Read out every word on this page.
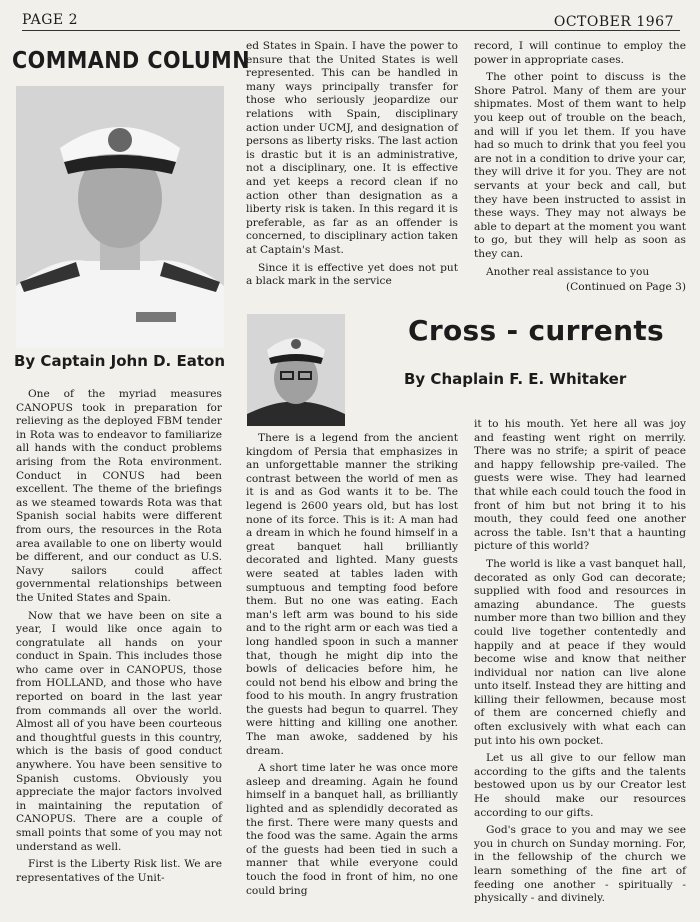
PAGE 2	OCTOBER 1967
COMMAND COLUMN
By Captain John D. Eaton

One of the myriad measures CANOPUS took in preparation for relieving as the deployed FBM tender in Rota was to endeavor to familiarize all hands with the conduct problems arising from the Rota environment. Conduct in CONUS had been excellent. The theme of the briefings as we steamed towards Rota was that Spanish social habits were different from ours, the resources in the Rota area available to one on liberty would be different, and our conduct as U.S. Navy sailors could affect governmental relationships between the United States and Spain.

Now that we have been on site a year, I would like once again to congratulate all hands on your conduct in Spain. This includes those who came over in CANOPUS, those from HOLLAND, and those who have reported on board in the last year from commands all over the world. Almost all of you have been courteous and thoughtful guests in this country, which is the basis of good conduct anywhere. You have been sensitive to Spanish customs. Obviously you appreciate the major factors involved in maintaining the reputation of CANOPUS. There are a couple of small points that some of you may not understand as well.

First is the Liberty Risk list. We are representatives of the Unit-

ed States in Spain. I have the power to ensure that the United States is well represented. This can be handled in many ways principally transfer for those who seriously jeopardize our relations with Spain, disciplinary action under UCMJ, and designation of persons as liberty risks. The last action is drastic but it is an administrative, not a disciplinary, one. It is effective and yet keeps a record clean if no action other than designation as a liberty risk is taken. In this regard it is preferable, as far as an offender is concerned, to disciplinary action taken at Captain's Mast.

Since it is effective yet does not put a black mark in the service

record, I will continue to employ the power in appropriate cases.

The other point to discuss is the Shore Patrol. Many of them are your shipmates. Most of them want to help you keep out of trouble on the beach, and will if you let them. If you have had so much to drink that you feel you are not in a condition to drive your car, they will drive it for you. They are not servants at your beck and call, but they have been instructed to assist in these ways. They may not always be able to depart at the moment you want to go, but they will help as soon as they can.

Another real assistance to you

(Continued on Page 3)
Cross - currents
By Chaplain F. E. Whitaker

There is a legend from the ancient kingdom of Persia that emphasizes in an unforgettable manner the striking contrast between the world of men as it is and as God wants it to be. The legend is 2600 years old, but has lost none of its force. This is it: A man had a dream in which he found himself in a great banquet hall brilliantly decorated and lighted. Many guests were seated at tables laden with sumptuous and tempting food before them. But no one was eating. Each man's left arm was bound to his side and to the right arm or each was tied a long handled spoon in such a manner that, though he might dip into the bowls of delicacies before him, he could not bend his elbow and bring the food to his mouth. In angry frustration the guests had begun to quarrel. They were hitting and killing one another. The man awoke, saddened by his dream.

A short time later he was once more asleep and dreaming. Again he found himself in a banquet hall, as brilliantly lighted and as splendidly decorated as the first. There were many quests and the food was the same. Again the arms of the guests had been tied in such a manner that while everyone could touch the food in front of him, no one could bring

it to his mouth. Yet here all was joy and feasting went right on merrily. There was no strife; a spirit of peace and happy fellowship pre-vailed. The guests were wise. They had learned that while each could touch the food in front of him but not bring it to his mouth, they could feed one another across the table. Isn't that a haunting picture of this world?

The world is like a vast banquet hall, decorated as only God can decorate; supplied with food and resources in amazing abundance. The guests number more than two billion and they could live together contentedly and happily and at peace if they would become wise and know that neither individual nor nation can live alone unto itself. Instead they are hitting and killing their fellowmen, because most of them are concerned chiefly and often exclusively with what each can put into his own pocket.

Let us all give to our fellow man according to the gifts and the talents bestowed upon us by our Creator lest He should make our resources according to our gifts.

God's grace to you and may we see you in church on Sunday morning. For, in the fellowship of the church we learn something of the fine art of feeding one another - spiritually - physically - and divinely.
